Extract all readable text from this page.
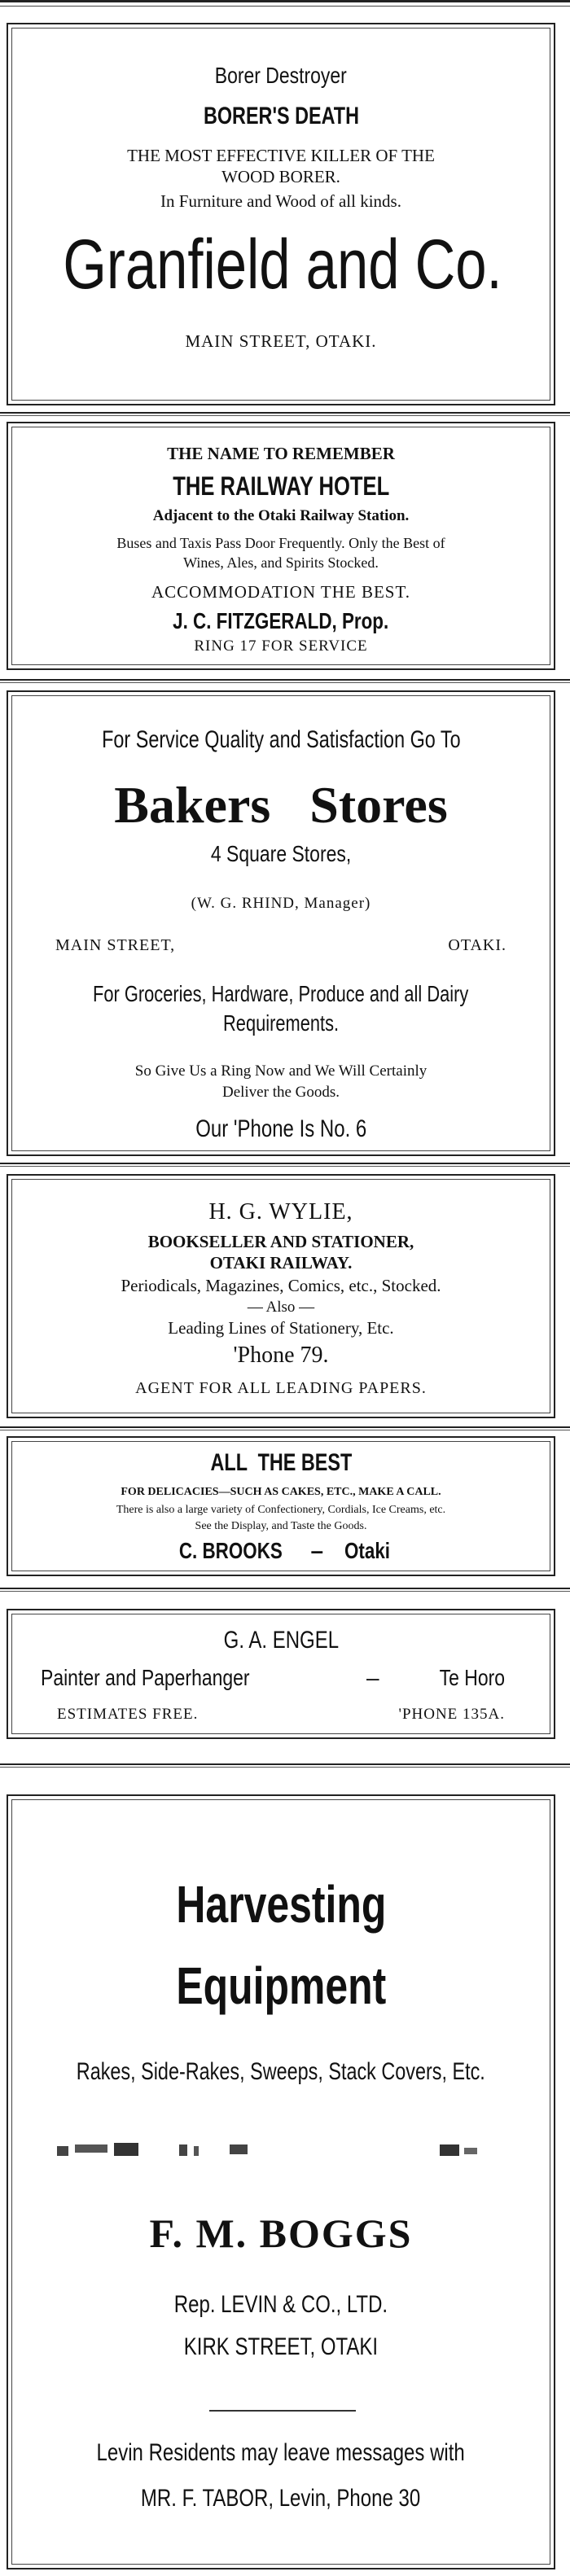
Borer Destroyer
BORER'S DEATH
THE MOST EFFECTIVE KILLER OF THE
WOOD BORER.
In Furniture and Wood of all kinds.
Granfield and Co.
MAIN STREET, OTAKI.
THE NAME TO REMEMBER
THE RAILWAY HOTEL
Adjacent to the Otaki Railway Station.
Buses and Taxis Pass Door Frequently. Only the Best of
Wines, Ales, and Spirits Stocked.
ACCOMMODATION THE BEST.
J. C. FITZGERALD, Prop.
RING 17 FOR SERVICE
For Service Quality and Satisfaction Go To
Bakers   Stores
4 Square Stores,
(W. G. RHIND, Manager)
MAIN STREET,	OTAKI.
For Groceries, Hardware, Produce and all Dairy
Requirements.
So Give Us a Ring Now and We Will Certainly
Deliver the Goods.
Our 'Phone Is No. 6
H. G. WYLIE,
BOOKSELLER AND STATIONER,
OTAKI RAILWAY.
Periodicals, Magazines, Comics, etc., Stocked.
— Also —
Leading Lines of Stationery, Etc.
'Phone 79.
AGENT FOR ALL LEADING PAPERS.
ALL  THE BEST
FOR DELICACIES—SUCH AS CAKES, ETC., MAKE A CALL.
There is also a large variety of Confectionery, Cordials, Ice Creams, etc.
See the Display, and Taste the Goods.
C. BROOKS – Otaki
G. A. ENGEL
Painter and Paperhanger	–	Te Horo
ESTIMATES FREE.	'PHONE 135A.
Harvesting
Equipment
Rakes, Side-Rakes, Sweeps, Stack Covers, Etc.
F. M. BOGGS
Rep. LEVIN & CO., LTD.
KIRK STREET, OTAKI
Levin Residents may leave messages with
MR. F. TABOR, Levin, Phone 30
